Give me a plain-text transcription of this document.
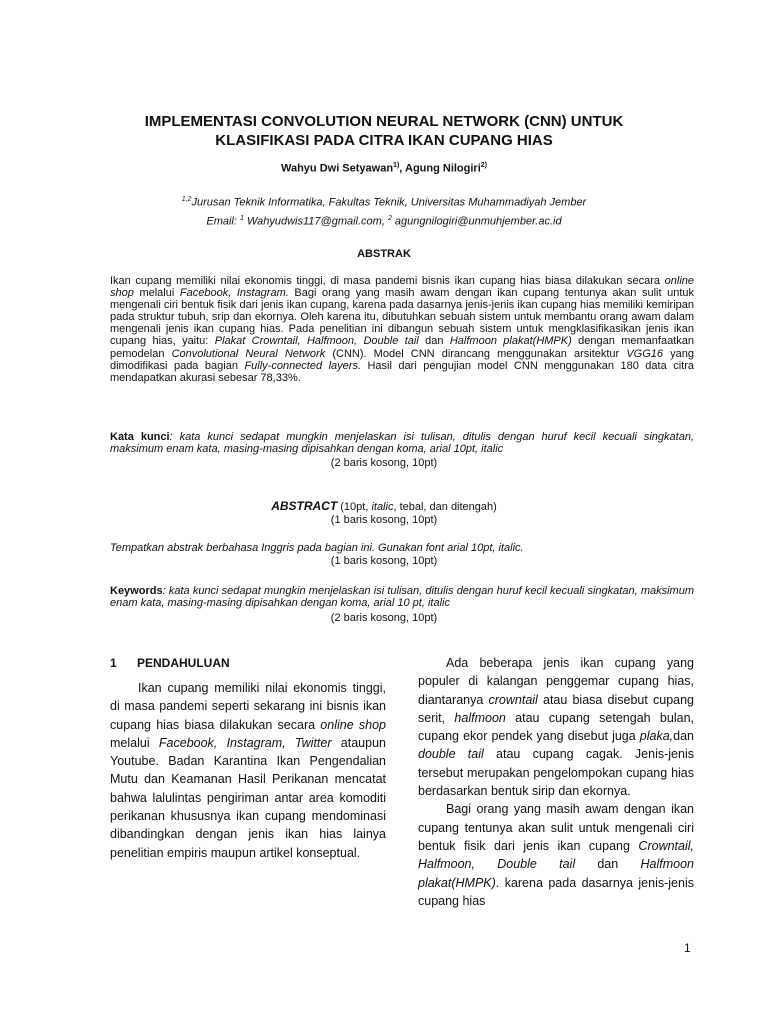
IMPLEMENTASI CONVOLUTION NEURAL NETWORK (CNN) UNTUK
KLASIFIKASI PADA CITRA IKAN CUPANG HIAS
Wahyu Dwi Setyawan$^{1)}$, Agung Nilogiri$^{2)}$
$^{1,2}$Jurusan Teknik Informatika, Fakultas Teknik, Universitas Muhammadiyah Jember
Email: $^1$ Wahyudwis117@gmail.com, $^2$ agungnilogiri@unmuhjember.ac.id
ABSTRAK
Ikan cupang memiliki nilai ekonomis tinggi, di masa pandemi bisnis ikan cupang hias biasa dilakukan secara online shop melalui Facebook, Instagram. Bagi orang yang masih awam dengan ikan cupang tentunya akan sulit untuk mengenali ciri bentuk fisik dari jenis ikan cupang, karena pada dasarnya jenis-jenis ikan cupang hias memiliki kemiripan pada struktur tubuh, srip dan ekornya. Oleh karena itu, dibutuhkan sebuah sistem untuk membantu orang awam dalam mengenali jenis ikan cupang hias. Pada penelitian ini dibangun sebuah sistem untuk mengklasifikasikan jenis ikan cupang hias, yaitu: Plakat Crowntail, Halfmoon, Double tail dan Halfmoon plakat(HMPK) dengan memanfaatkan pemodelan Convolutional Neural Network (CNN). Model CNN dirancang menggunakan arsitektur VGG16 yang dimodifikasi pada bagian Fully-connected layers. Hasil dari pengujian model CNN menggunakan 180 data citra mendapatkan akurasi sebesar 78,33%.
Kata kunci: kata kunci sedapat mungkin menjelaskan isi tulisan, ditulis dengan huruf kecil kecuali singkatan, maksimum enam kata, masing-masing dipisahkan dengan koma, arial 10pt, italic
(2 baris kosong, 10pt)
ABSTRACT (10pt, italic, tebal, dan ditengah)
(1 baris kosong, 10pt)
Tempatkan abstrak berbahasa Inggris pada bagian ini. Gunakan font arial 10pt, italic.
(1 baris kosong, 10pt)
Keywords: kata kunci sedapat mungkin menjelaskan isi tulisan, ditulis dengan huruf kecil kecuali singkatan, maksimum enam kata, masing-masing dipisahkan dengan koma, arial 10 pt, italic
(2 baris kosong, 10pt)
1 PENDAHULUAN

Ikan cupang memiliki nilai ekonomis tinggi, di masa pandemi seperti sekarang ini bisnis ikan cupang hias biasa dilakukan secara online shop melalui Facebook, Instagram, Twitter ataupun Youtube. Badan Karantina Ikan Pengendalian Mutu dan Keamanan Hasil Perikanan mencatat bahwa lalulintas pengiriman antar area komoditi perikanan khususnya ikan cupang mendominasi dibandingkan dengan jenis ikan hias lainya penelitian empiris maupun artikel konseptual.

Ada beberapa jenis ikan cupang yang populer di kalangan penggemar cupang hias, diantaranya crowntail atau biasa disebut cupang serit, halfmoon atau cupang setengah bulan, cupang ekor pendek yang disebut juga plaka,dan double tail atau cupang cagak. Jenis-jenis tersebut merupakan pengelompokan cupang hias berdasarkan bentuk sirip dan ekornya.

Bagi orang yang masih awam dengan ikan cupang tentunya akan sulit untuk mengenali ciri bentuk fisik dari jenis ikan cupang Crowntail, Halfmoon, Double tail dan Halfmoon plakat(HMPK). karena pada dasarnya jenis-jenis cupang hias

1
